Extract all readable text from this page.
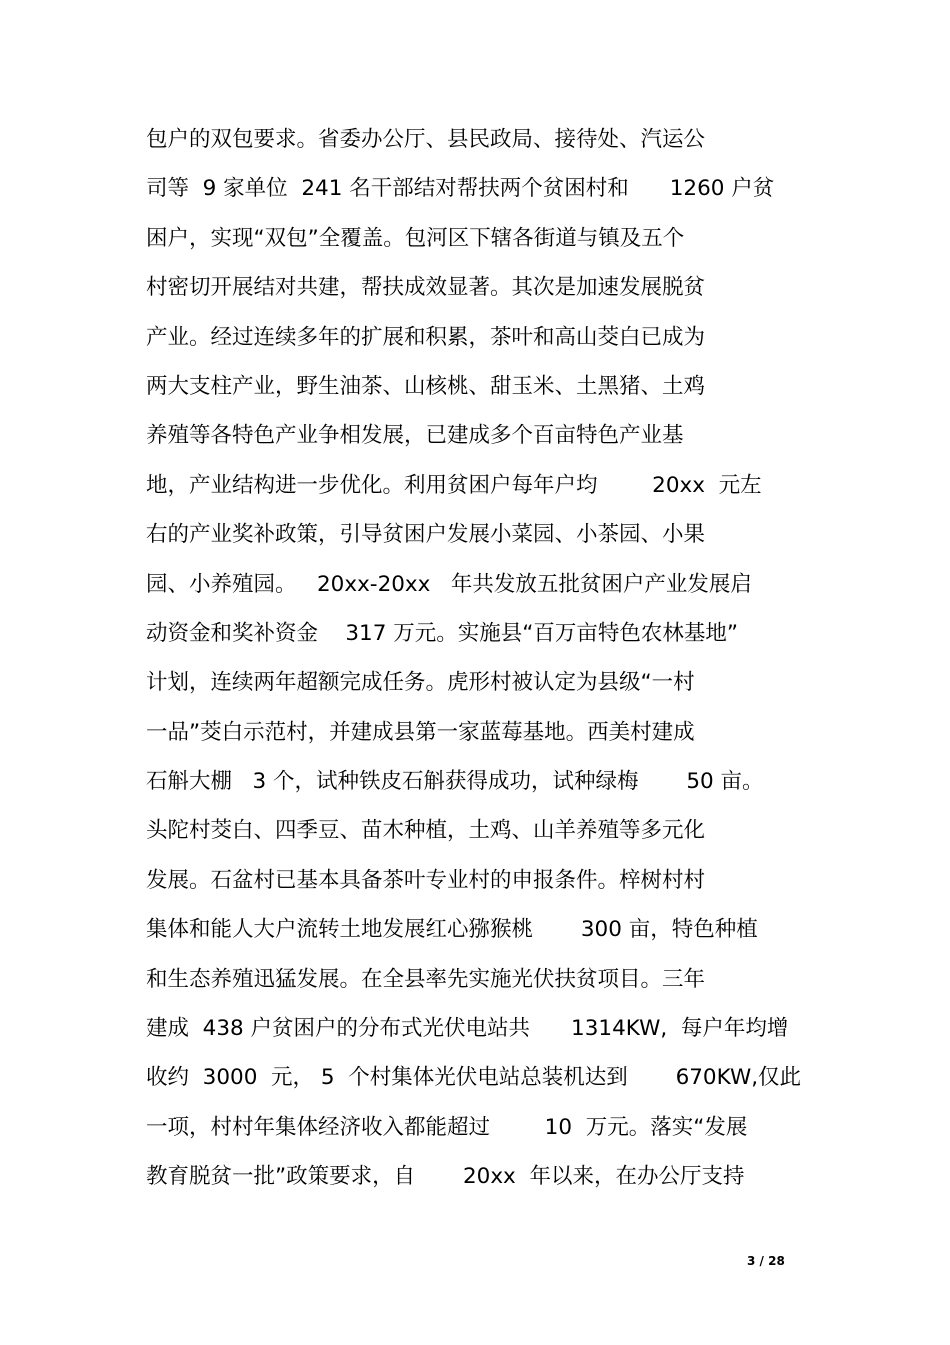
包户的双包要求。省委办公厅、县民政局、接待处、汽运公
司等  9 家单位  241 名干部结对帮扶两个贫困村和      1260 户贫
困户，实现“双包”全覆盖。包河区下辖各街道与镇及五个
村密切开展结对共建，帮扶成效显著。其次是加速发展脱贫
产业。经过连续多年的扩展和积累，茶叶和高山茭白已成为
两大支柱产业，野生油茶、山核桃、甜玉米、土黑猪、土鸡
养殖等各特色产业争相发展，已建成多个百亩特色产业基
地，产业结构进一步优化。利用贫困户每年户均        20xx  元左
右的产业奖补政策，引导贫困户发展小菜园、小茶园、小果
园、小养殖园。   20xx-20xx   年共发放五批贫困户产业发展启
动资金和奖补资金    317 万元。实施县“百万亩特色农林基地”
计划，连续两年超额完成任务。虎形村被认定为县级“一村
一品”茭白示范村，并建成县第一家蓝莓基地。西美村建成
石斛大棚   3 个，试种铁皮石斛获得成功，试种绿梅       50 亩。
头陀村茭白、四季豆、苗木种植，土鸡、山羊养殖等多元化
发展。石盆村已基本具备茶叶专业村的申报条件。梓树村村
集体和能人大户流转土地发展红心猕猴桃       300 亩，特色种植
和生态养殖迅猛发展。在全县率先实施光伏扶贫项目。三年
建成  438 户贫困户的分布式光伏电站共      1314KW,  每户年均增
收约  3000  元， 5  个村集体光伏电站总装机达到       670KW,仅此
一项，村村年集体经济收入都能超过        10  万元。落实“发展
教育脱贫一批”政策要求，自       20xx  年以来，在办公厅支持
3 / 28
